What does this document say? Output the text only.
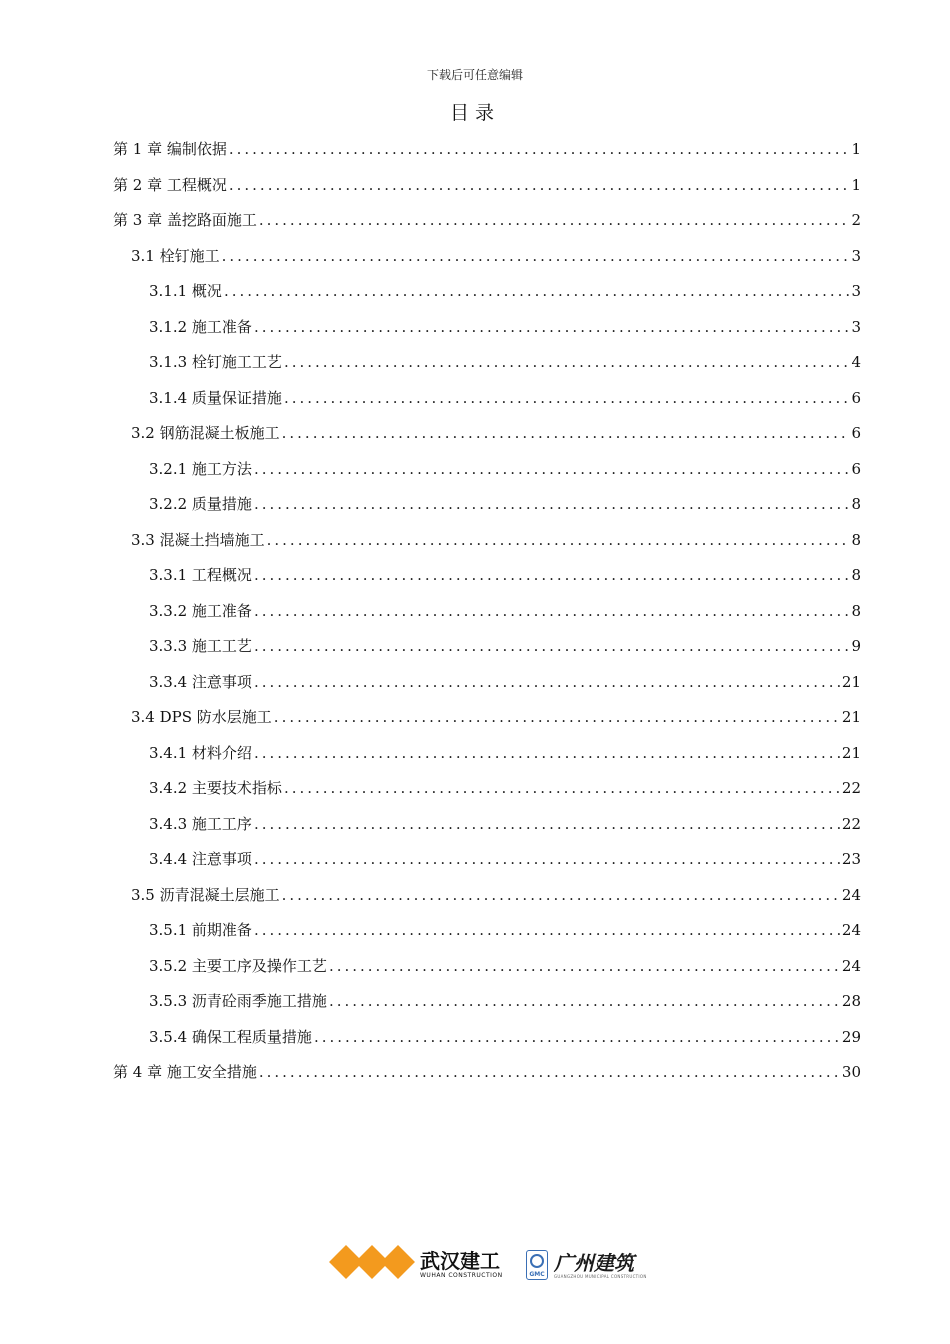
下载后可任意编辑
目录
第 1 章 编制依据 .....	1
第 2 章 工程概况 .....	1
第 3 章 盖挖路面施工 .....	2
3.1 栓钉施工 .....	3
3.1.1 概况 .....	3
3.1.2 施工准备 .....	3
3.1.3 栓钉施工工艺 .....	4
3.1.4 质量保证措施 .....	6
3.2 钢筋混凝土板施工 .....	6
3.2.1 施工方法 .....	6
3.2.2 质量措施 .....	8
3.3 混凝土挡墙施工 .....	8
3.3.1 工程概况 .....	8
3.3.2 施工准备 .....	8
3.3.3 施工工艺 .....	9
3.3.4 注意事项 .....	21
3.4 DPS 防水层施工 .....	21
3.4.1 材料介绍 .....	21
3.4.2 主要技术指标 .....	22
3.4.3 施工工序 .....	22
3.4.4 注意事项 .....	23
3.5 沥青混凝土层施工 .....	24
3.5.1 前期准备 .....	24
3.5.2 主要工序及操作工艺 .....	24
3.5.3 沥青砼雨季施工措施 .....	28
3.5.4 确保工程质量措施 .....	29
第 4 章 施工安全措施 .....	30
武汉建工
WUHAN CONSTRUCTION	GMC 广州建筑
GUANGZHOU MUNICIPAL CONSTRUCTION
